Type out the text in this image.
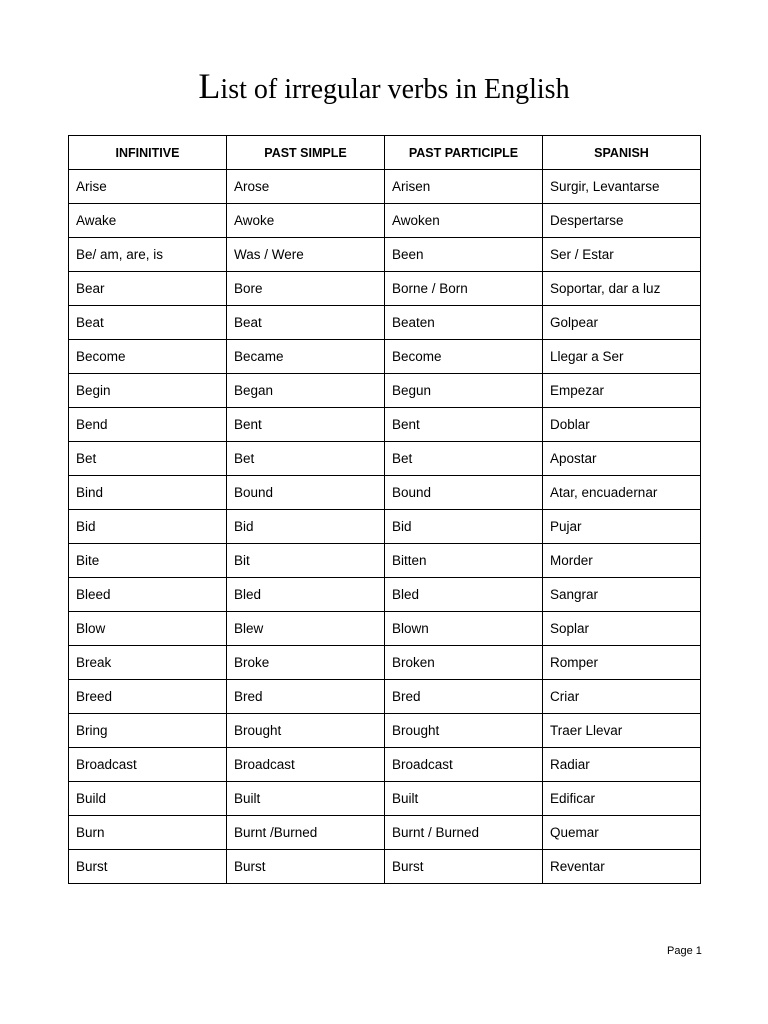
List of irregular verbs in English
INFINITIVE	PAST SIMPLE	PAST PARTICIPLE	SPANISH
Arise	Arose	Arisen	Surgir, Levantarse
Awake	Awoke	Awoken	Despertarse
Be/ am, are, is	Was / Were	Been	Ser / Estar
Bear	Bore	Borne / Born	Soportar, dar a luz
Beat	Beat	Beaten	Golpear
Become	Became	Become	Llegar a Ser
Begin	Began	Begun	Empezar
Bend	Bent	Bent	Doblar
Bet	Bet	Bet	Apostar
Bind	Bound	Bound	Atar, encuadernar
Bid	Bid	Bid	Pujar
Bite	Bit	Bitten	Morder
Bleed	Bled	Bled	Sangrar
Blow	Blew	Blown	Soplar
Break	Broke	Broken	Romper
Breed	Bred	Bred	Criar
Bring	Brought	Brought	Traer Llevar
Broadcast	Broadcast	Broadcast	Radiar
Build	Built	Built	Edificar
Burn	Burnt /Burned	Burnt / Burned	Quemar
Burst	Burst	Burst	Reventar
Page 1
